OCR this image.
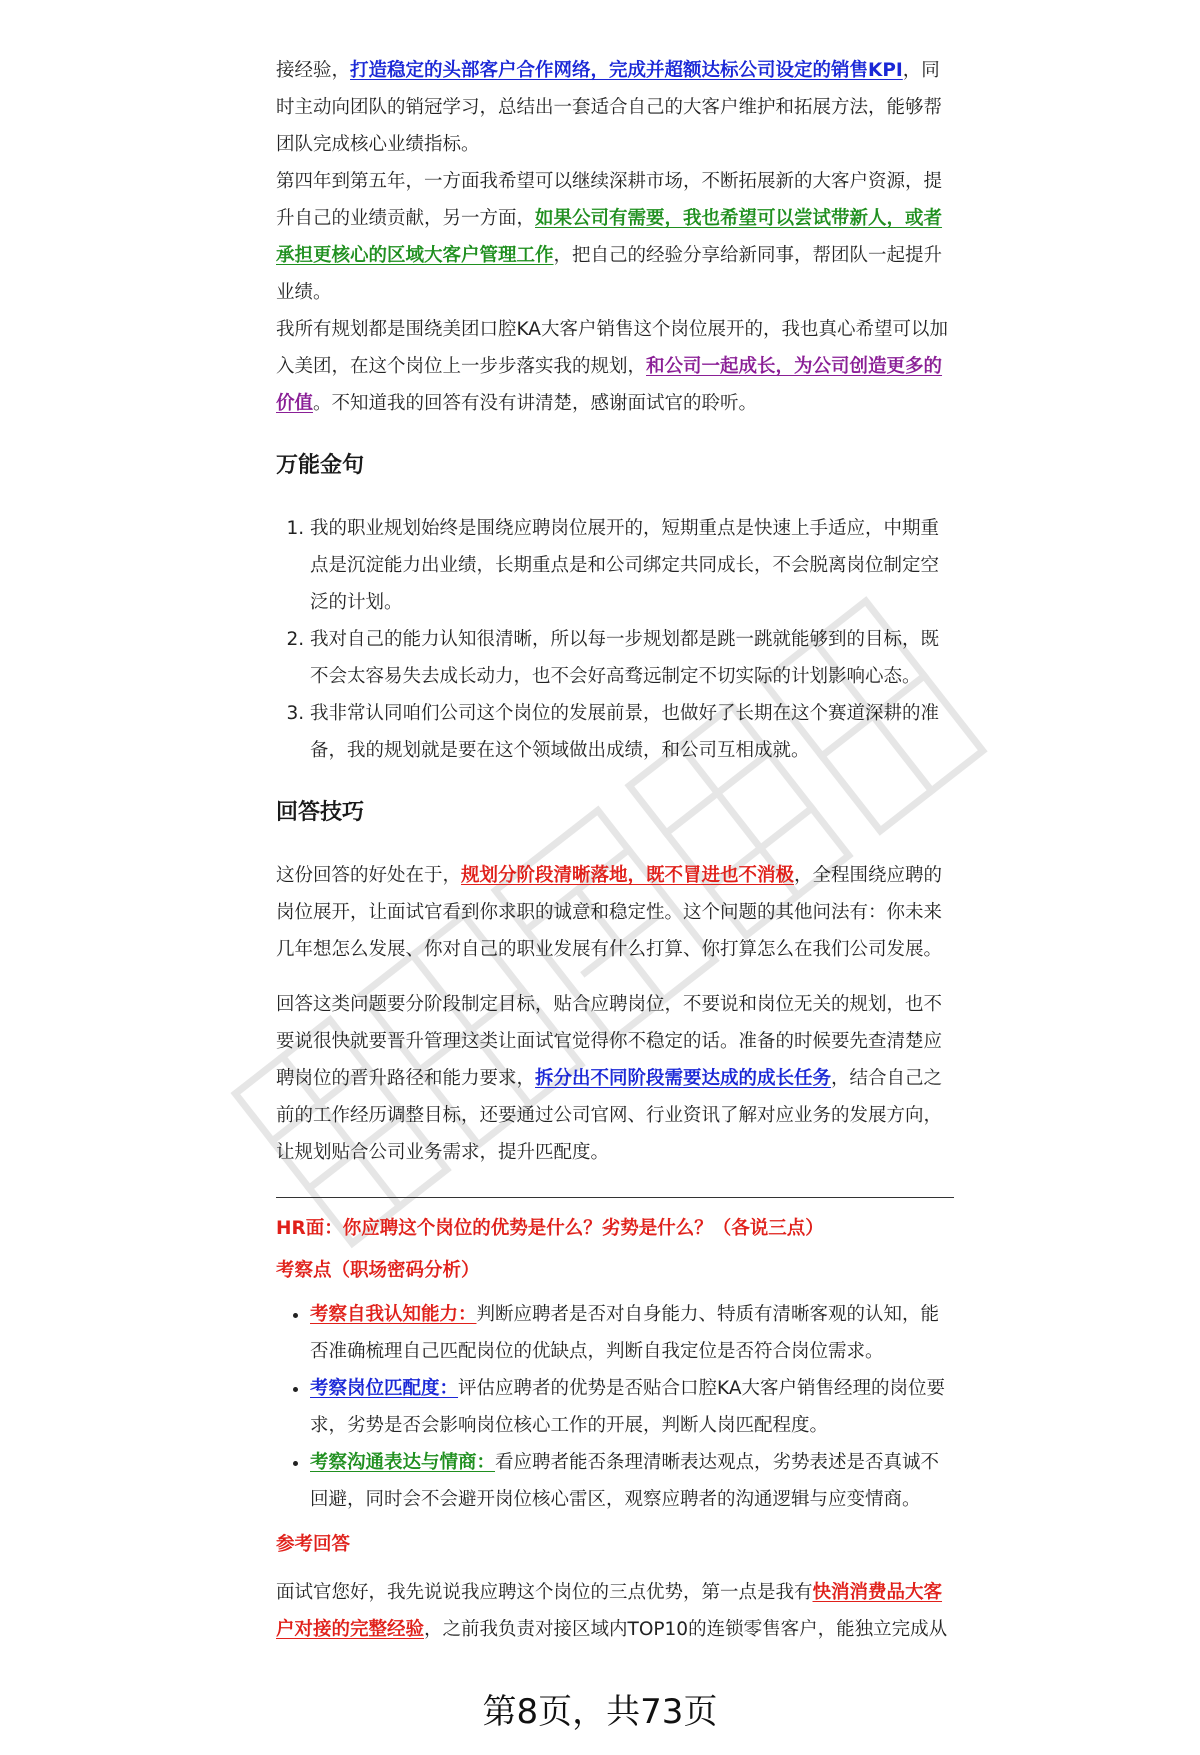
接经验，打造稳定的头部客户合作网络，完成并超额达标公司设定的销售KPI，同时主动向团队的销冠学习，总结出一套适合自己的大客户维护和拓展方法，能够帮团队完成核心业绩指标。

第四年到第五年，一方面我希望可以继续深耕市场，不断拓展新的大客户资源，提升自己的业绩贡献，另一方面，如果公司有需要，我也希望可以尝试带新人，或者承担更核心的区域大客户管理工作，把自己的经验分享给新同事，帮团队一起提升业绩。

我所有规划都是围绕美团口腔KA大客户销售这个岗位展开的，我也真心希望可以加入美团，在这个岗位上一步步落实我的规划，和公司一起成长，为公司创造更多的价值。不知道我的回答有没有讲清楚，感谢面试官的聆听。

万能金句
1. 我的职业规划始终是围绕应聘岗位展开的，短期重点是快速上手适应，中期重点是沉淀能力出业绩，长期重点是和公司绑定共同成长，不会脱离岗位制定空泛的计划。
2. 我对自己的能力认知很清晰，所以每一步规划都是跳一跳就能够到的目标，既不会太容易失去成长动力，也不会好高骛远制定不切实际的计划影响心态。
3. 我非常认同咱们公司这个岗位的发展前景，也做好了长期在这个赛道深耕的准备，我的规划就是要在这个领域做出成绩，和公司互相成就。
回答技巧

这份回答的好处在于，规划分阶段清晰落地，既不冒进也不消极，全程围绕应聘的岗位展开，让面试官看到你求职的诚意和稳定性。这个问题的其他问法有：你未来几年想怎么发展、你对自己的职业发展有什么打算、你打算怎么在我们公司发展。

回答这类问题要分阶段制定目标，贴合应聘岗位，不要说和岗位无关的规划，也不要说很快就要晋升管理这类让面试官觉得你不稳定的话。准备的时候要先查清楚应聘岗位的晋升路径和能力要求，拆分出不同阶段需要达成的成长任务，结合自己之前的工作经历调整目标，还要通过公司官网、行业资讯了解对应业务的发展方向，让规划贴合公司业务需求，提升匹配度。

HR面：你应聘这个岗位的优势是什么？劣势是什么？（各说三点）
考察点（职场密码分析）
• 考察自我认知能力：判断应聘者是否对自身能力、特质有清晰客观的认知，能否准确梳理自己匹配岗位的优缺点，判断自我定位是否符合岗位需求。
• 考察岗位匹配度：评估应聘者的优势是否贴合口腔KA大客户销售经理的岗位要求，劣势是否会影响岗位核心工作的开展，判断人岗匹配程度。
• 考察沟通表达与情商：看应聘者能否条理清晰表达观点，劣势表述是否真诚不回避，同时会不会避开岗位核心雷区，观察应聘者的沟通逻辑与应变情商。
参考回答

面试官您好，我先说说我应聘这个岗位的三点优势，第一点是我有快消消费品大客户对接的完整经验，之前我负责对接区域内TOP10的连锁零售客户，能独立完成从

第8页，共73页
